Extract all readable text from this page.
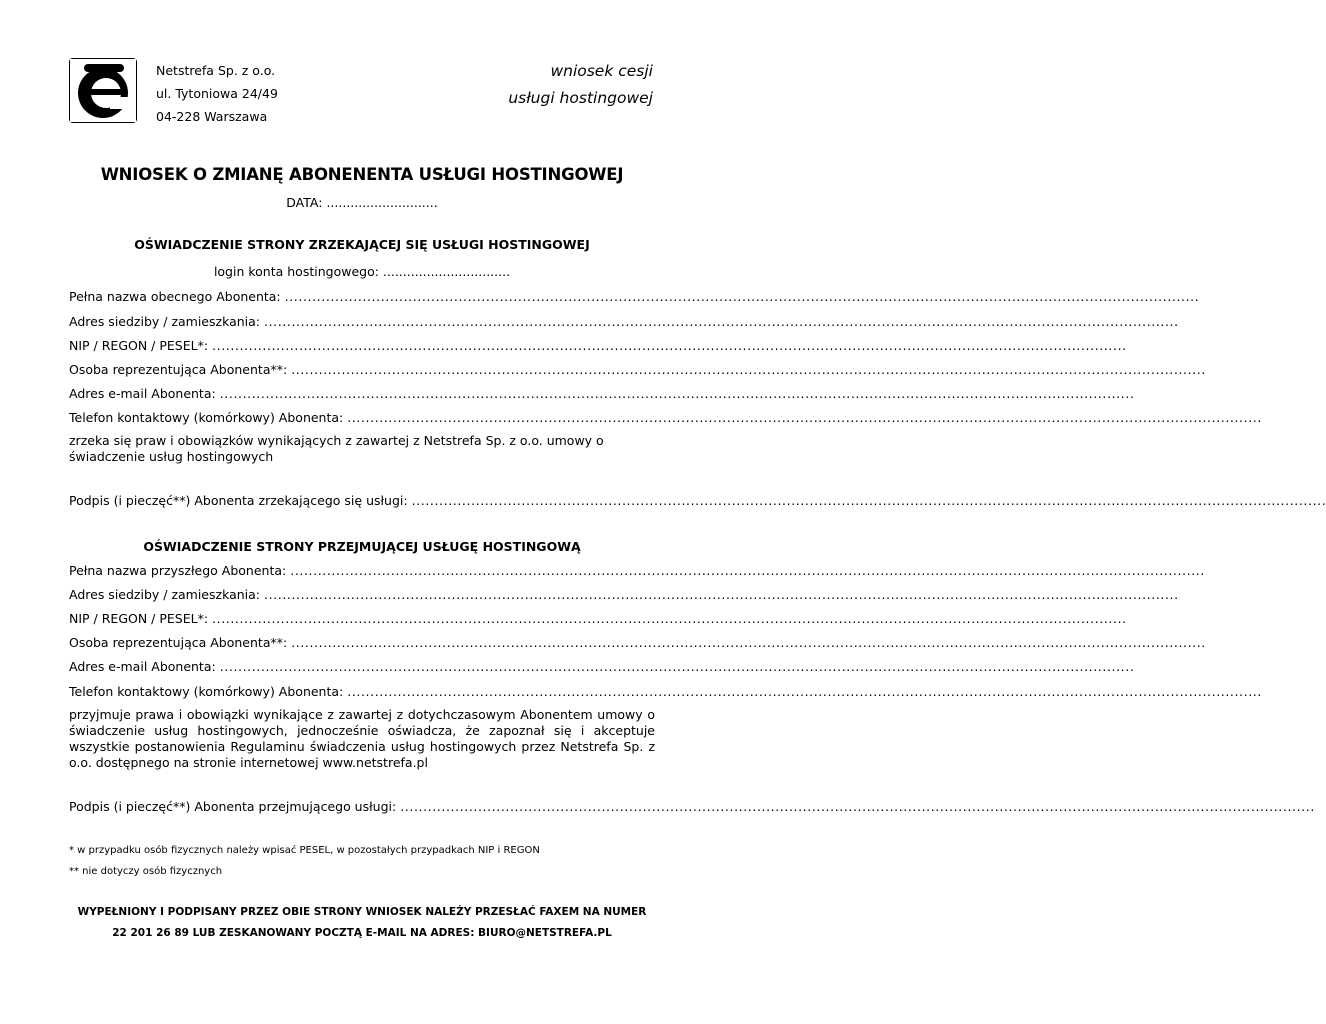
Netstrefa Sp. z o.o.
ul. Tytoniowa 24/49
04-228 Warszawa
wniosek cesji
usługi hostingowej
WNIOSEK O ZMIANĘ ABONENENTA USŁUGI HOSTINGOWEJ
DATA: ............................
OŚWIADCZENIE STRONY ZRZEKAJĄCEJ SIĘ USŁUGI HOSTINGOWEJ
login konta hostingowego: ................................
Pełna nazwa obecnego Abonenta: ........................................................................................................................................................................................................
Adres siedziby / zamieszkania: ........................................................................................................................................................................................................
NIP / REGON / PESEL*: ........................................................................................................................................................................................................
Osoba reprezentująca Abonenta**: ........................................................................................................................................................................................................
Adres e-mail Abonenta: ........................................................................................................................................................................................................
Telefon kontaktowy (komórkowy) Abonenta: ........................................................................................................................................................................................................
zrzeka się praw i obowiązków wynikających z zawartej z Netstrefa Sp. z o.o. umowy o świadczenie usług hostingowych
Podpis (i pieczęć**) Abonenta zrzekającego się usługi: ........................................................................................................................................................................................................
OŚWIADCZENIE STRONY PRZEJMUJĄCEJ USŁUGĘ HOSTINGOWĄ
Pełna nazwa przyszłego Abonenta: ........................................................................................................................................................................................................
Adres siedziby / zamieszkania: ........................................................................................................................................................................................................
NIP / REGON / PESEL*: ........................................................................................................................................................................................................
Osoba reprezentująca Abonenta**: ........................................................................................................................................................................................................
Adres e-mail Abonenta: ........................................................................................................................................................................................................
Telefon kontaktowy (komórkowy) Abonenta: ........................................................................................................................................................................................................
przyjmuje prawa i obowiązki wynikające z zawartej z dotychczasowym Abonentem umowy o świadczenie usług hostingowych, jednocześnie oświadcza, że zapoznał się i akceptuje wszystkie postanowienia Regulaminu świadczenia usług hostingowych przez Netstrefa Sp. z o.o. dostępnego na stronie internetowej www.netstrefa.pl
Podpis (i pieczęć**) Abonenta przejmującego usługi: ........................................................................................................................................................................................................
* w przypadku osób fizycznych należy wpisać PESEL, w pozostałych przypadkach NIP i REGON
** nie dotyczy osób fizycznych
WYPEŁNIONY I PODPISANY PRZEZ OBIE STRONY WNIOSEK NALEŻY PRZESŁAĆ FAXEM NA NUMER
22 201 26 89 LUB ZESKANOWANY POCZTĄ E-MAIL NA ADRES: BIURO@NETSTREFA.PL
